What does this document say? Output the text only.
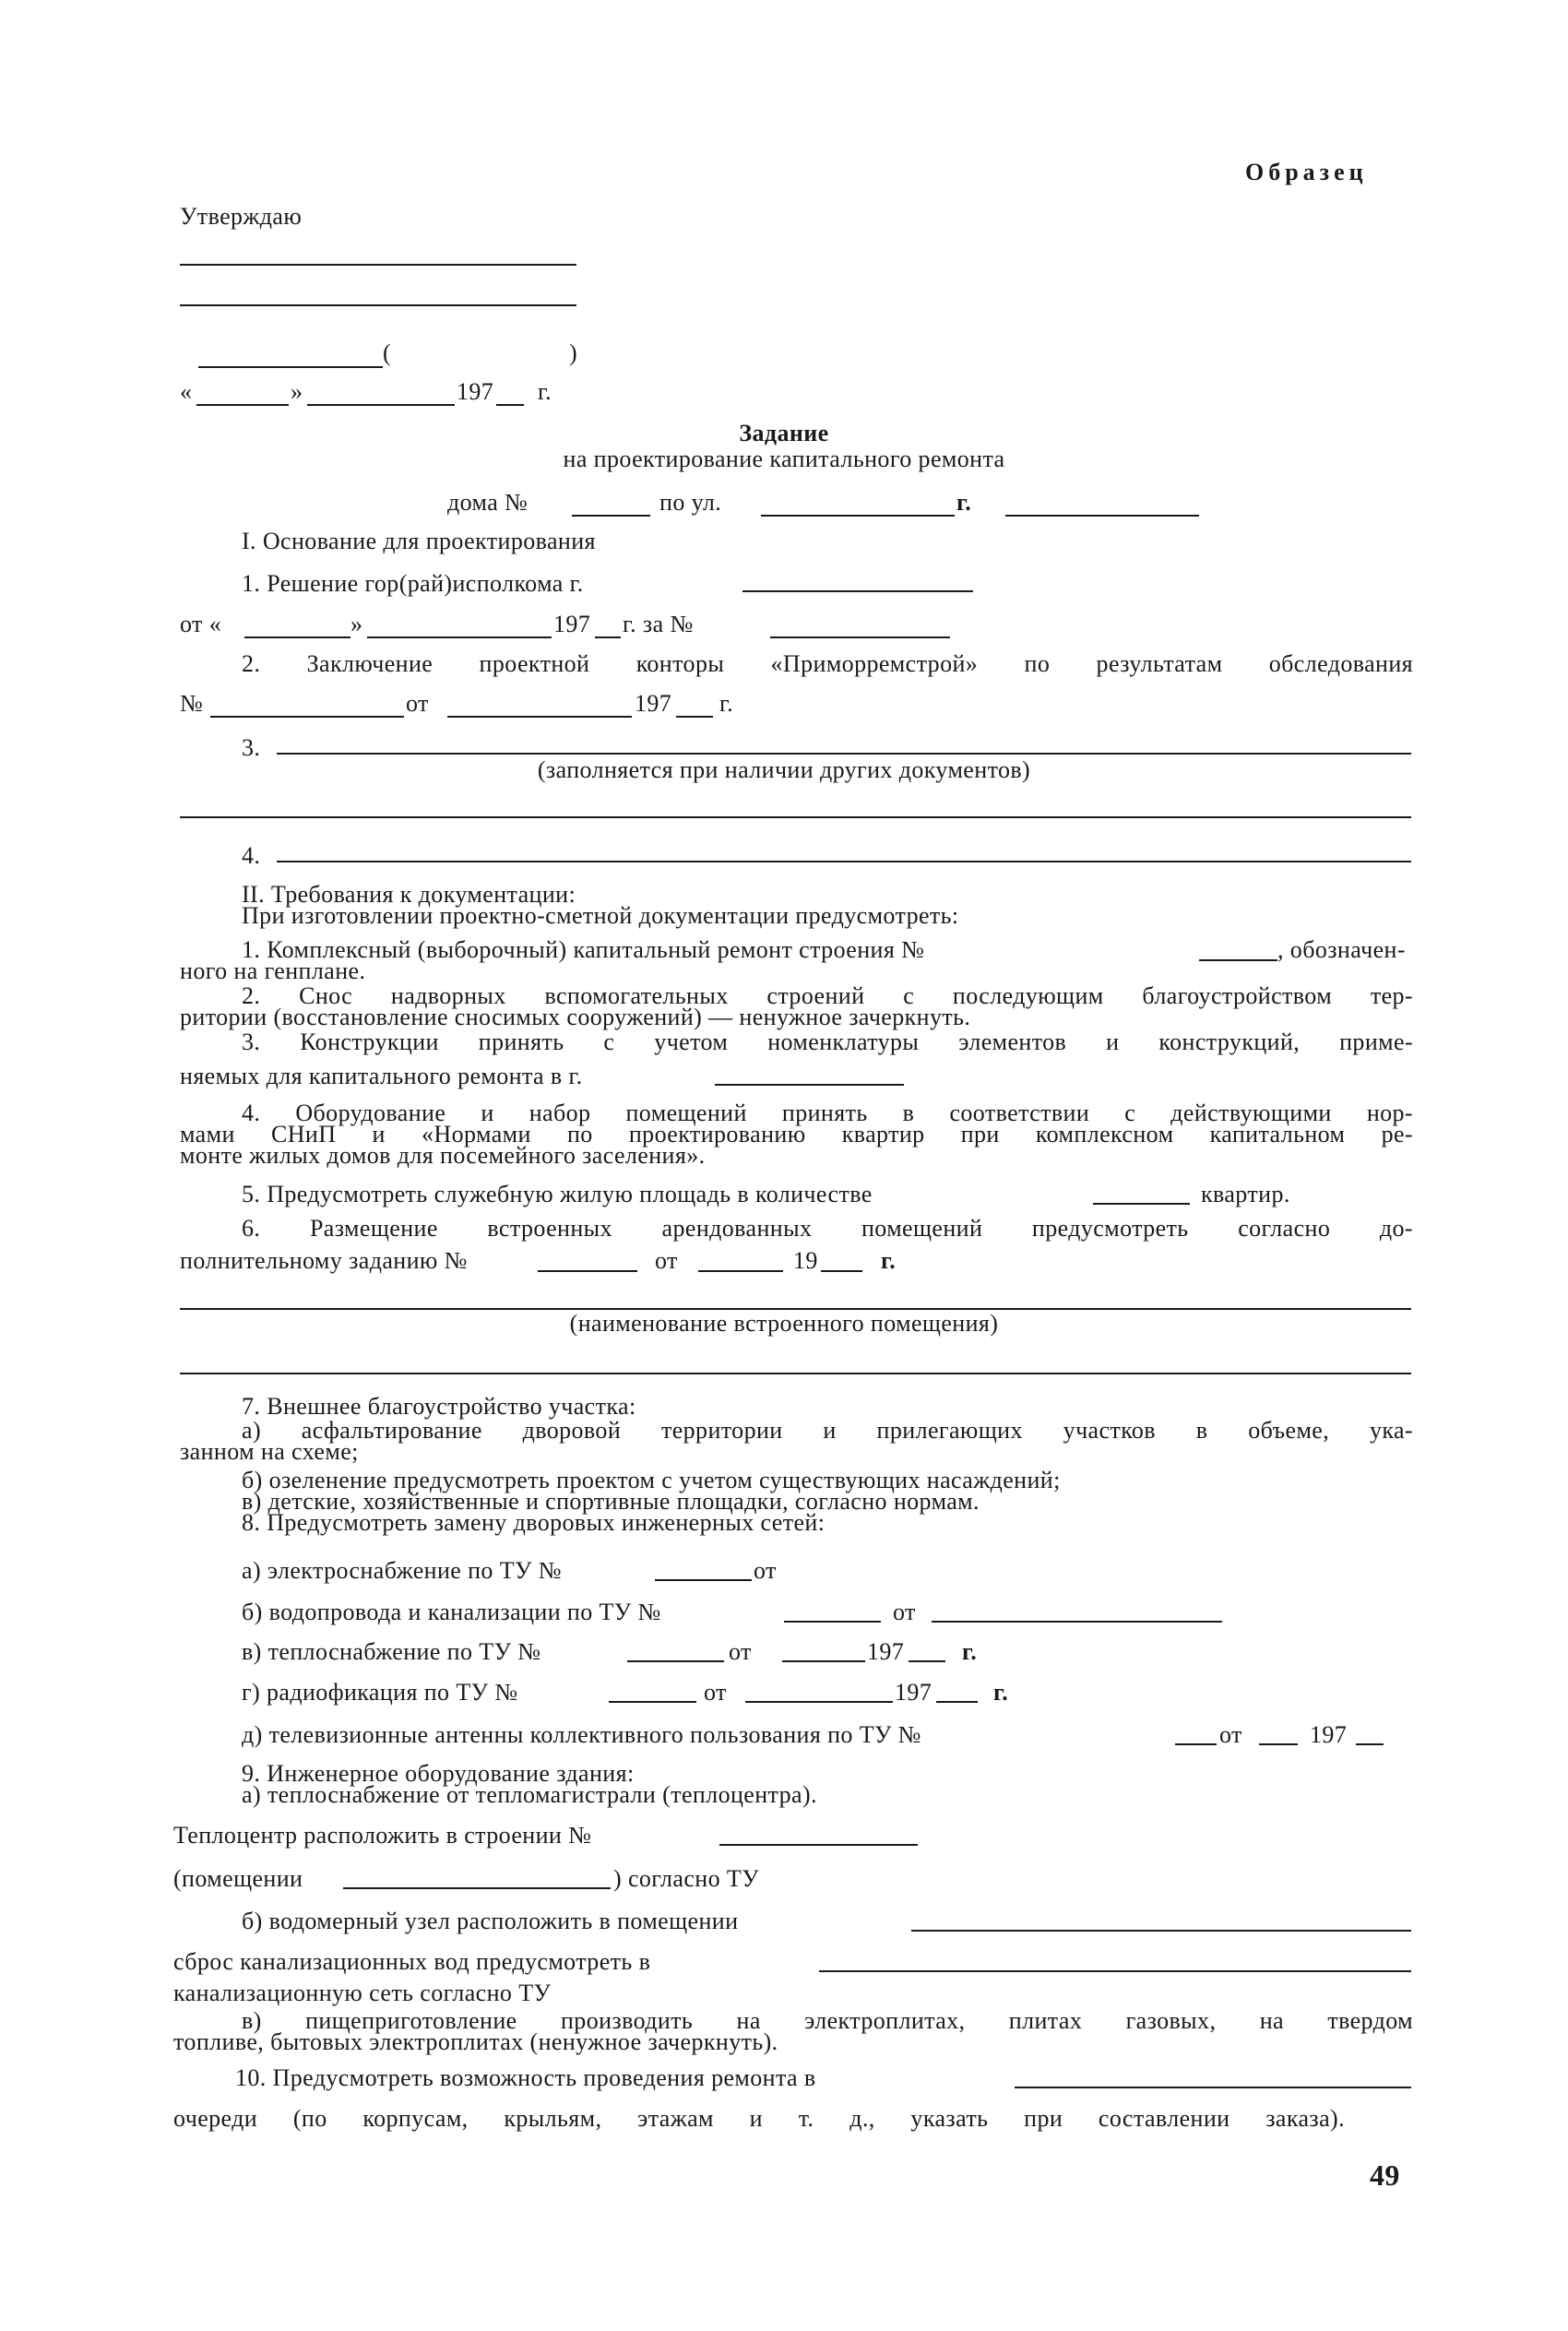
Образец
Утверждаю
(	)
«	»	197 г.
Задание
на проектирование капитального ремонта
дома №	по ул.	г.
I. Основание для проектирования
1. Решение гор(рай)исполкома г.
от «	»	197 г. за №
2. Заключение проектной конторы «Приморремстрой» по результатам обследования
№	от	197 г.
3.
(заполняется при наличии других документов)
4.
II. Требования к документации:
При изготовлении проектно-сметной документации предусмотреть:
1. Комплексный (выборочный) капитальный ремонт строения №	, обозначен-
ного на генплане.
2. Снос надворных вспомогательных строений с последующим благоустройством тер-
ритории (восстановление сносимых сооружений) — ненужное зачеркнуть.
3. Конструкции принять с учетом номенклатуры элементов и конструкций, приме-
няемых для капитального ремонта в г.
4. Оборудование и набор помещений принять в соответствии с действующими нор-
мами СНиП и «Нормами по проектированию квартир при комплексном капитальном ре-
монте жилых домов для посемейного заселения».
5. Предусмотреть служебную жилую площадь в количестве	квартир.
6. Размещение встроенных арендованных помещений предусмотреть согласно до-
полнительному заданию №	от	19	г.
(наименование встроенного помещения)
7. Внешнее благоустройство участка:
а) асфальтирование дворовой территории и прилегающих участков в объеме, ука-
занном на схеме;
б) озеленение предусмотреть проектом с учетом существующих насаждений;
в) детские, хозяйственные и спортивные площадки, согласно нормам.
8. Предусмотреть замену дворовых инженерных сетей:
а) электроснабжение по ТУ №	от
б) водопровода и канализации по ТУ №	от
в) теплоснабжение по ТУ №	от	197 г.
г) радиофикация по ТУ №	от	197	г.
д) телевизионные антенны коллективного пользования по ТУ №	от	197
9. Инженерное оборудование здания:
а) теплоснабжение от тепломагистрали (теплоцентра).
Теплоцентр расположить в строении №
(помещении	) согласно ТУ
б) водомерный узел расположить в помещении
сброс канализационных вод предусмотреть в
канализационную сеть согласно ТУ
в) пищеприготовление производить на электроплитах, плитах газовых, на твердом
топливе, бытовых электроплитах (ненужное зачеркнуть).
10. Предусмотреть возможность проведения ремонта в
очереди (по корпусам, крыльям, этажам и т. д., указать при составлении заказа).
49
